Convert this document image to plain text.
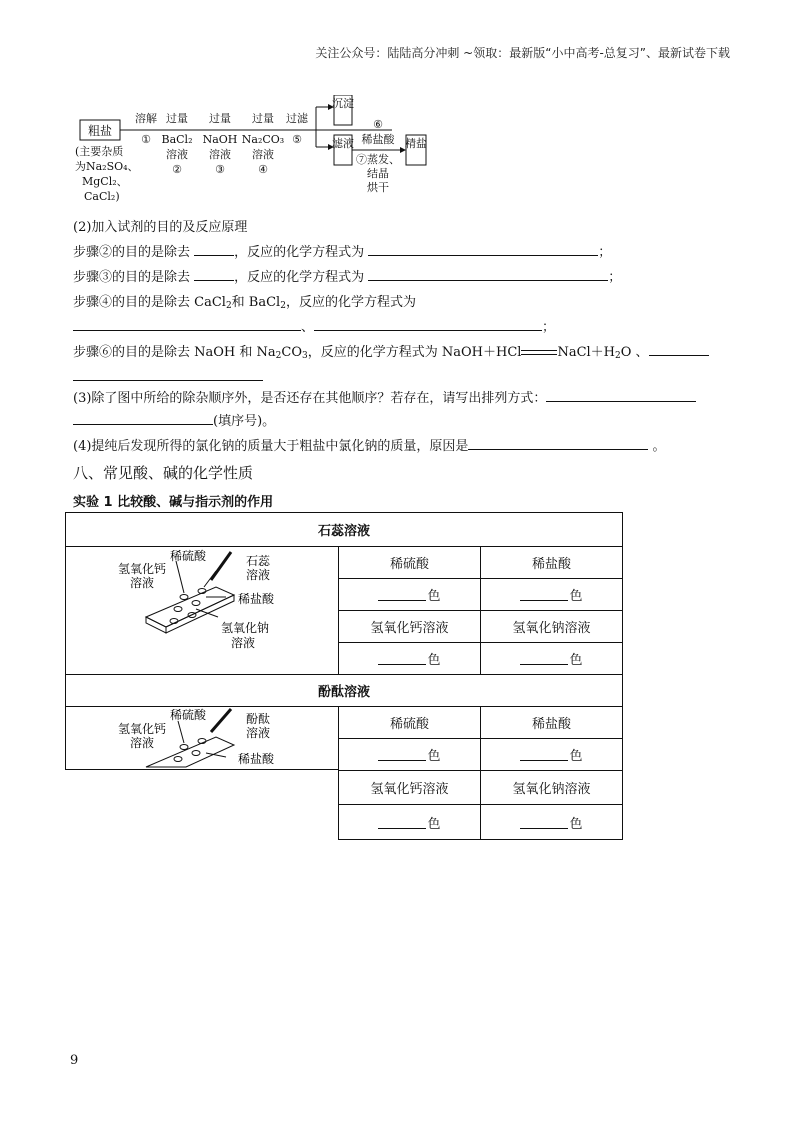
关注公众号：陆陆高分冲刺 ~领取：最新版“小中高考-总复习”、最新试卷下载
粗盐
溶解
①
过量
BaCl₂
溶液
②
过量
NaOH
溶液
③
过量
Na₂CO₃
溶液
④
过滤
⑤
沉淀
滤液
⑥
稀盐酸
⑦蒸发、
结晶
烘干
精盐
(主要杂质
为Na₂SO₄、
MgCl₂、
CaCl₂)
(2)加入试剂的目的及反应原理
步骤②的目的是除去	，反应的化学方程式为	；
步骤③的目的是除去	，反应的化学方程式为	；
步骤④的目的是除去 CaCl$_2$和 BaCl$_2$，反应的化学方程式为
、	；
步骤⑥的目的是除去 NaOH 和 $Na_2CO_3$，反应的化学方程式为 NaOH＋HCl	$NaCl+H_2O$ 、
(3)除了图中所给的除杂顺序外，是否还存在其他顺序？若存在，请写出排列方式：
(填序号)。
(4)提纯后发现所得的氯化钠的质量大于粗盐中氯化钠的质量，原因是	。
八、常见酸、碱的化学性质
实验 1 比较酸、碱与指示剂的作用
石蕊溶液
稀硫酸
氢氧化钙
溶液
石蕊
溶液
稀盐酸
氢氧化钠
溶液
稀硫酸	稀盐酸
色	色
氢氧化钙溶液	氢氧化钠溶液
色	色
酚酞溶液
稀硫酸
氢氧化钙
溶液
酚酞
溶液
稀盐酸
稀硫酸	稀盐酸
色	色
氢氧化钙溶液	氢氧化钠溶液
色	色
9
